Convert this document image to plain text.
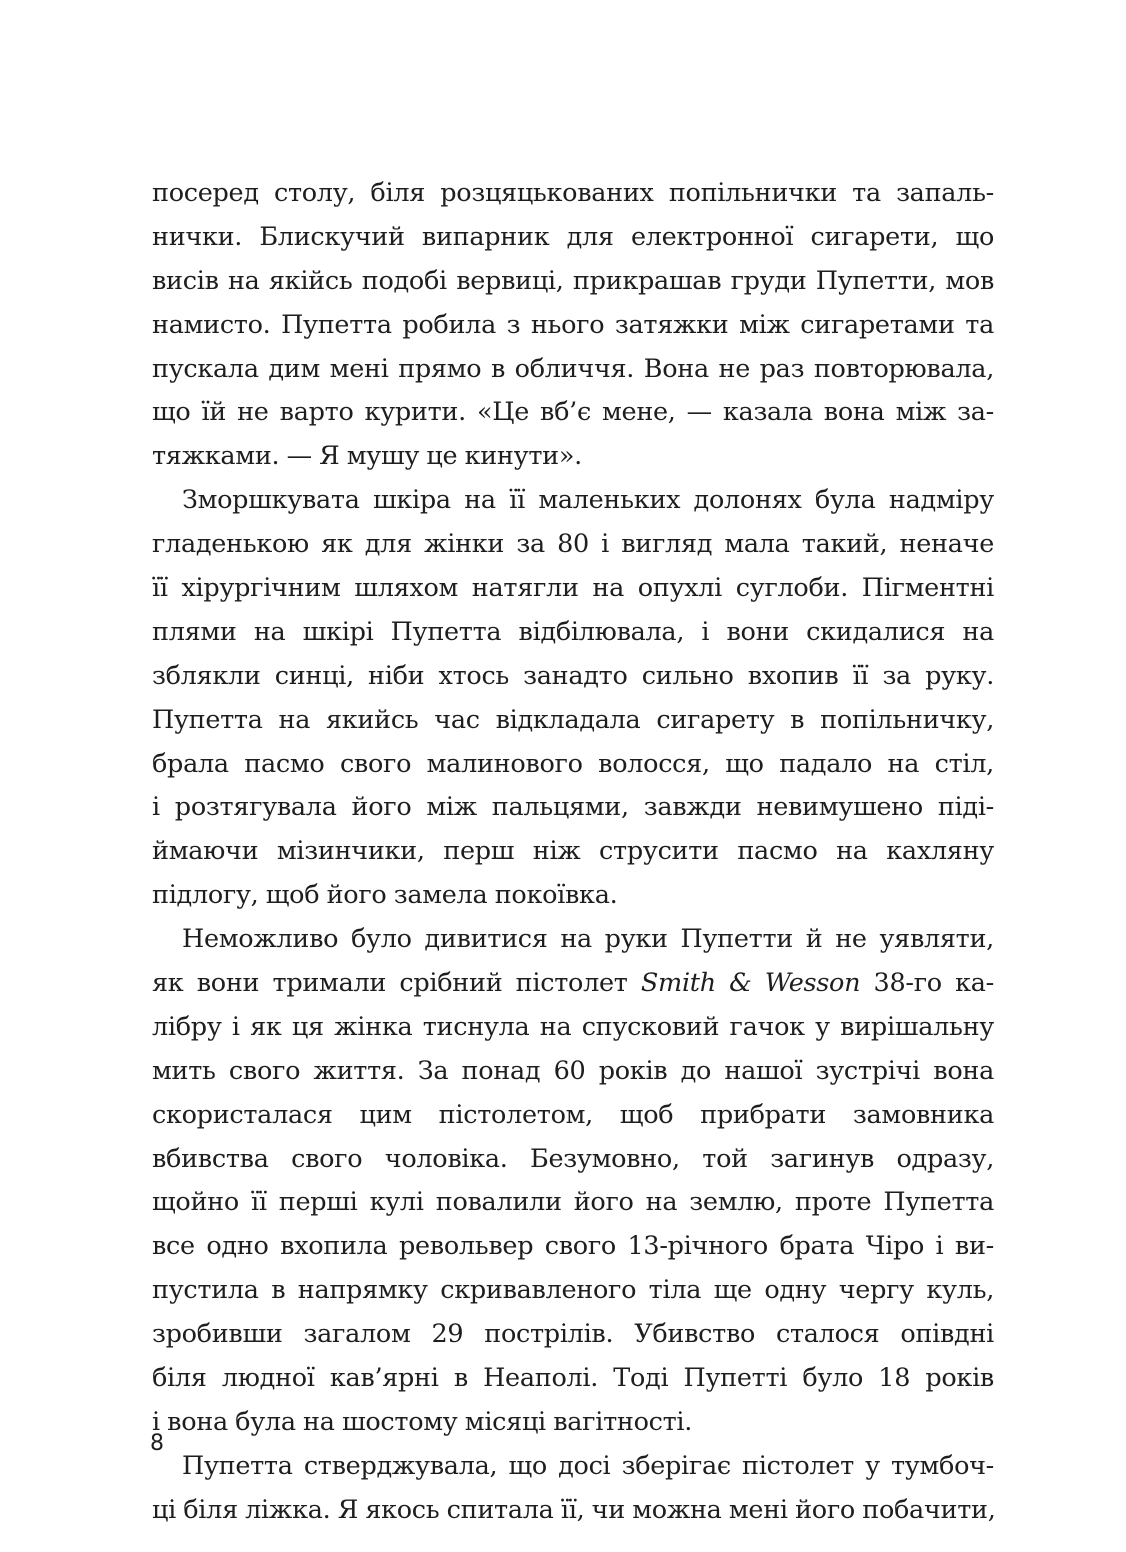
посеред столу, біля розцяцькованих попільнички та запаль-
нички. Блискучий випарник для електронної сигарети, що
висів на якійсь подобі вервиці, прикрашав груди Пупетти, мов
намисто. Пупетта робила з нього затяжки між сигаретами та
пускала дим мені прямо в обличчя. Вона не раз повторювала,
що їй не варто курити. «Це вб’є мене, — казала вона між за-
тяжками. — Я мушу це кинути».
Зморшкувата шкіра на її маленьких долонях була надміру
гладенькою як для жінки за 80 і вигляд мала такий, неначе
її хірургічним шляхом натягли на опухлі суглоби. Пігментні
плями на шкірі Пупетта відбілювала, і вони скидалися на
зблякли синці, ніби хтось занадто сильно вхопив її за руку.
Пупетта на якийсь час відкладала сигарету в попільничку,
брала пасмо свого малинового волосся, що падало на стіл,
і розтягувала його між пальцями, завжди невимушено піді-
ймаючи мізинчики, перш ніж струсити пасмо на кахляну
підлогу, щоб його замела покоївка.
Неможливо було дивитися на руки Пупетти й не уявляти,
як вони тримали срібний пістолет Smith & Wesson 38-го ка-
лібру і як ця жінка тиснула на спусковий гачок у вирішальну
мить свого життя. За понад 60 років до нашої зустрічі вона
скористалася цим пістолетом, щоб прибрати замовника
вбивства свого чоловіка. Безумовно, той загинув одразу,
щойно її перші кулі повалили його на землю, проте Пупетта
все одно вхопила револьвер свого 13-річного брата Чіро і ви-
пустила в напрямку скривавленого тіла ще одну чергу куль,
зробивши загалом 29 пострілів. Убивство сталося опівдні
біля людної кав’ярні в Неаполі. Тоді Пупетті було 18 років
і вона була на шостому місяці вагітності.
Пупетта стверджувала, що досі зберігає пістолет у тумбоч-
ці біля ліжка. Я якось спитала її, чи можна мені його побачити,
8
